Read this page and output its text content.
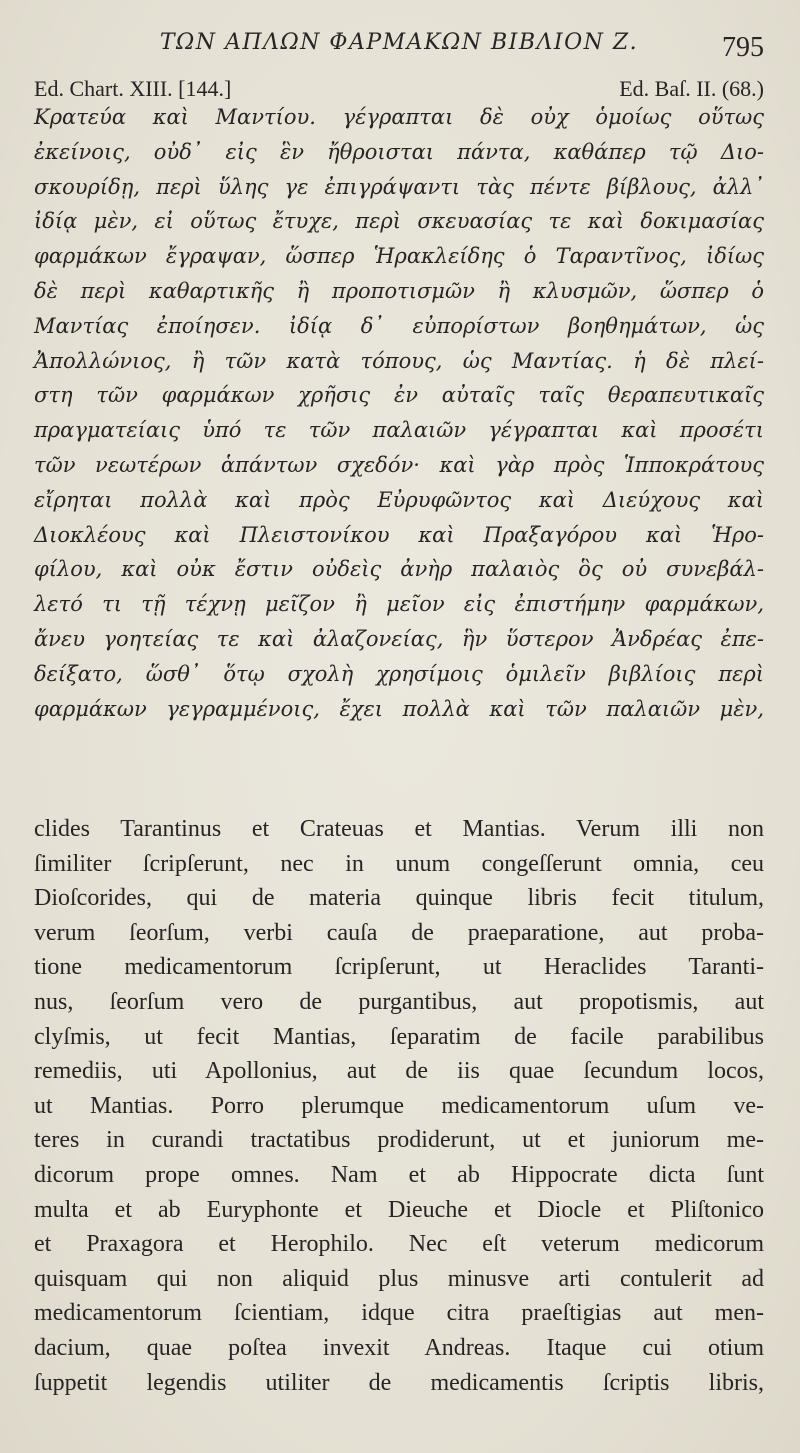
ΤΩΝ ΑΠΛΩΝ ΦΑΡΜΑΚΩΝ ΒΙΒΛΙΟΝ Ζ.	795
Ed. Chart. XIII. [144.]	Ed. Baſ. II. (68.)
Κρατεύα καὶ Μαντίου. γέγραπται δὲ οὐχ ὁμοίως οὕτως
ἐκείνοις, οὐδ᾽ εἰς ἓν ἤθροισται πάντα, καθάπερ τῷ Διο-
σκουρίδῃ, περὶ ὕλης γε ἐπιγράψαντι τὰς πέντε βίβλους, ἀλλ᾽
ἰδίᾳ μὲν, εἰ οὕτως ἔτυχε, περὶ σκευασίας τε καὶ δοκιμασίας
φαρμάκων ἔγραψαν, ὥσπερ Ἡρακλείδης ὁ Ταραντῖνος, ἰδίως
δὲ περὶ καθαρτικῆς ἢ προποτισμῶν ἢ κλυσμῶν, ὥσπερ ὁ
Μαντίας ἐποίησεν. ἰδίᾳ δ᾽ εὐπορίστων βοηθημάτων, ὡς
Ἀπολλώνιος, ἢ τῶν κατὰ τόπους, ὡς Μαντίας. ἡ δὲ πλεί-
στη τῶν φαρμάκων χρῆσις ἐν αὐταῖς ταῖς θεραπευτικαῖς
πραγματείαις ὑπό τε τῶν παλαιῶν γέγραπται καὶ προσέτι
τῶν νεωτέρων ἁπάντων σχεδόν· καὶ γὰρ πρὸς Ἱπποκράτους
εἴρηται πολλὰ καὶ πρὸς Εὐρυφῶντος καὶ Διεύχους καὶ
Διοκλέους καὶ Πλειστονίκου καὶ Πραξαγόρου καὶ Ἡρο-
φίλου, καὶ οὐκ ἔστιν οὐδεὶς ἀνὴρ παλαιὸς ὃς οὐ συνεβάλ-
λετό τι τῇ τέχνῃ μεῖζον ἢ μεῖον εἰς ἐπιστήμην φαρμάκων,
ἄνευ γοητείας τε καὶ ἀλαζονείας, ἣν ὕστερον Ἀνδρέας ἐπε-
δείξατο, ὥσθ᾽ ὅτῳ σχολὴ χρησίμοις ὁμιλεῖν βιβλίοις περὶ
φαρμάκων γεγραμμένοις, ἔχει πολλὰ καὶ τῶν παλαιῶν μὲν,
clides Tarantinus et Crateuas et Mantias. Verum illi non
ſimiliter ſcripſerunt, nec in unum congeſſerunt omnia, ceu
Dioſcorides, qui de materia quinque libris fecit titulum,
verum ſeorſum, verbi cauſa de praeparatione, aut proba-
tione medicamentorum ſcripſerunt, ut Heraclides Taranti-
nus, ſeorſum vero de purgantibus, aut propotismis, aut
clyſmis, ut fecit Mantias, ſeparatim de facile parabilibus
remediis, uti Apollonius, aut de iis quae ſecundum locos,
ut Mantias. Porro plerumque medicamentorum uſum ve-
teres in curandi tractatibus prodiderunt, ut et juniorum me-
dicorum prope omnes. Nam et ab Hippocrate dicta ſunt
multa et ab Euryphonte et Dieuche et Diocle et Pliſtonico
et Praxagora et Herophilo. Nec eſt veterum medicorum
quisquam qui non aliquid plus minusve arti contulerit ad
medicamentorum ſcientiam, idque citra praeſtigias aut men-
dacium, quae poſtea invexit Andreas. Itaque cui otium
ſuppetit legendis utiliter de medicamentis ſcriptis libris,
